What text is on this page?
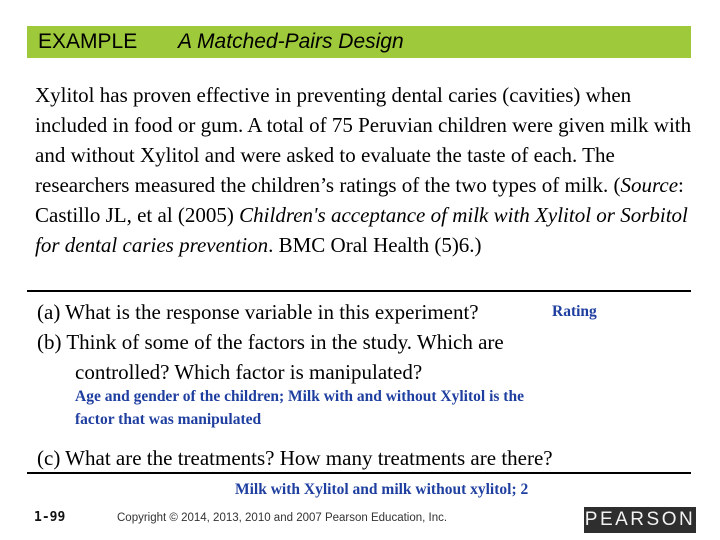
EXAMPLE A Matched-Pairs Design
Xylitol has proven effective in preventing dental caries (cavities) when included in food or gum. A total of 75 Peruvian children were given milk with and without Xylitol and were asked to evaluate the taste of each. The researchers measured the children’s ratings of the two types of milk. (Source: Castillo JL, et al (2005) Children's acceptance of milk with Xylitol or Sorbitol for dental caries prevention. BMC Oral Health (5)6.)
(a) What is the response variable in this experiment?	Rating
(b) Think of some of the factors in the study. Which are
controlled? Which factor is manipulated?
Age and gender of the children; Milk with and without Xylitol is the
factor that was manipulated
(c) What are the treatments? How many treatments are there?
Milk with Xylitol and milk without xylitol; 2
1-99	Copyright © 2014, 2013, 2010 and 2007 Pearson Education, Inc.	PEARSON
